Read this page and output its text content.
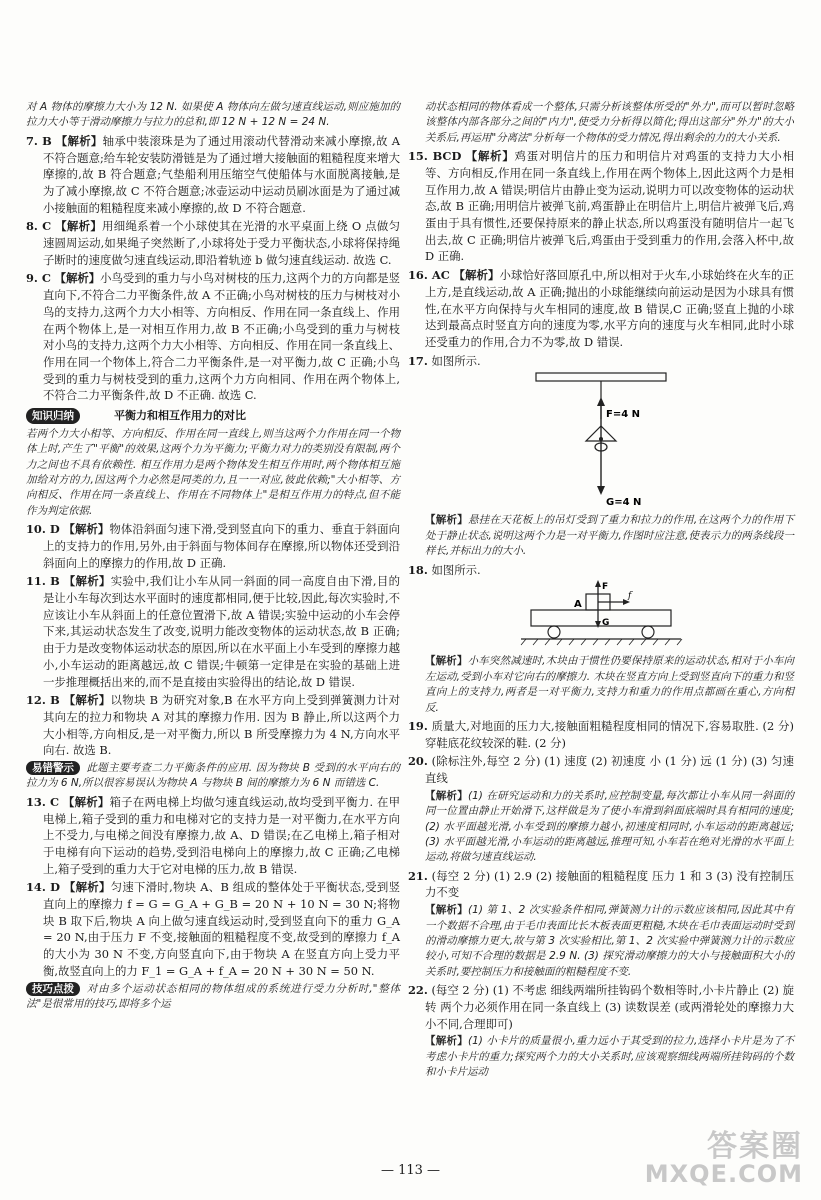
对 A 物体的摩擦力大小为 12 N. 如果使 A 物体向左做匀速直线运动,则应施加的拉力大小等于滑动摩擦力与拉力的总和,即 12 N + 12 N = 24 N.

7. B 【解析】轴承中装滚珠是为了通过用滚动代替滑动来减小摩擦,故 A 不符合题意;给车轮安装防滑链是为了通过增大接触面的粗糙程度来增大摩擦的,故 B 符合题意;气垫船利用压缩空气使船体与水面脱离接触,是为了减小摩擦,故 C 不符合题意;冰壶运动中运动员刷冰面是为了通过减小接触面的粗糙程度来减小摩擦的,故 D 不符合题意.

8. C 【解析】用细绳系着一个小球使其在光滑的水平桌面上绕 O 点做匀速圆周运动,如果绳子突然断了,小球将处于受力平衡状态,小球将保持绳子断时的速度做匀速直线运动,即沿着轨迹 b 做匀速直线运动. 故选 C.

9. C 【解析】小鸟受到的重力与小鸟对树枝的压力,这两个力的方向都是竖直向下,不符合二力平衡条件,故 A 不正确;小鸟对树枝的压力与树枝对小鸟的支持力,这两个力大小相等、方向相反、作用在同一条直线上、作用在两个物体上,是一对相互作用力,故 B 不正确;小鸟受到的重力与树枝对小鸟的支持力,这两个力大小相等、方向相反、作用在同一条直线上、作用在同一个物体上,符合二力平衡条件,是一对平衡力,故 C 正确;小鸟受到的重力与树枝受到的重力,这两个力方向相同、作用在两个物体上,不符合二力平衡条件,故 D 不正确. 故选 C.

知识归纳	平衡力和相互作用力的对比

若两个力大小相等、方向相反、作用在同一直线上,则当这两个力作用在同一个物体上时,产生了"平衡"的效果,这两个力为平衡力;平衡力对力的类别没有限制,两个力之间也不具有依赖性. 相互作用力是两个物体发生相互作用时,两个物体相互施加给对方的力,因这两个力必然是同类的力,且一一对应,彼此依赖;"大小相等、方向相反、作用在同一条直线上、作用在不同物体上"是相互作用力的特点,但不能作为判定依据.

10. D 【解析】物体沿斜面匀速下滑,受到竖直向下的重力、垂直于斜面向上的支持力的作用,另外,由于斜面与物体间存在摩擦,所以物体还受到沿斜面向上的摩擦力的作用,故 D 正确.

11. B 【解析】实验中,我们让小车从同一斜面的同一高度自由下滑,目的是让小车每次到达水平面时的速度都相同,便于比较,因此,每次实验时,不应该让小车从斜面上的任意位置滑下,故 A 错误;实验中运动的小车会停下来,其运动状态发生了改变,说明力能改变物体的运动状态,故 B 正确;由于力是改变物体运动状态的原因,所以在水平面上小车受到的摩擦力越小,小车运动的距离越远,故 C 错误;牛顿第一定律是在实验的基础上进一步推理概括出来的,而不是直接由实验得出的结论,故 D 错误.

12. B 【解析】以物块 B 为研究对象,B 在水平方向上受到弹簧测力计对其向左的拉力和物块 A 对其的摩擦力作用. 因为 B 静止,所以这两个力大小相等,方向相反,是一对平衡力,所以 B 所受摩擦力为 4 N,方向水平向右. 故选 B.

易错警示 此题主要考查二力平衡条件的应用. 因为物块 B 受到的水平向右的拉力为 6 N,所以很容易误认为物块 A 与物块 B 间的摩擦力为 6 N 而错选 C.

13. C 【解析】箱子在两电梯上均做匀速直线运动,故均受到平衡力. 在甲电梯上,箱子受到的重力和电梯对它的支持力是一对平衡力,在水平方向上不受力,与电梯之间没有摩擦力,故 A、D 错误;在乙电梯上,箱子相对于电梯有向下运动的趋势,受到沿电梯向上的摩擦力,故 C 正确;乙电梯上,箱子受到的重力大于它对电梯的压力,故 B 错误.

14. D 【解析】匀速下滑时,物块 A、B 组成的整体处于平衡状态,受到竖直向上的摩擦力 f = G = G_A + G_B = 20 N + 10 N = 30 N;将物块 B 取下后,物块 A 向上做匀速直线运动时,受到竖直向下的重力 G_A = 20 N,由于压力 F 不变,接触面的粗糙程度不变,故受到的摩擦力 f_A 的大小为 30 N 不变,方向竖直向下,由于物块 A 在竖直方向上受力平衡,故竖直向上的力 F_1 = G_A + f_A = 20 N + 30 N = 50 N.

技巧点拨 对由多个运动状态相同的物体组成的系统进行受力分析时,"整体法"是很常用的技巧,即将多个运

动状态相同的物体看成一个整体,只需分析该整体所受的"外力",而可以暂时忽略该整体内部各部分之间的"内力",使受力分析得以简化;得出这部分"外力"的大小关系后,再运用"分离法"分析每一个物体的受力情况,得出剩余的力的大小关系.

15. BCD 【解析】鸡蛋对明信片的压力和明信片对鸡蛋的支持力大小相等、方向相反,作用在同一条直线上,作用在两个物体上,因此这两个力是相互作用力,故 A 错误;明信片由静止变为运动,说明力可以改变物体的运动状态,故 B 正确;用明信片被弹飞前,鸡蛋静止在明信片上,明信片被弹飞后,鸡蛋由于具有惯性,还要保持原来的静止状态,所以鸡蛋没有随明信片一起飞出去,故 C 正确;明信片被弹飞后,鸡蛋由于受到重力的作用,会落入杯中,故 D 正确.

16. AC 【解析】小球恰好落回原孔中,所以相对于火车,小球始终在火车的正上方,是直线运动,故 A 正确;抛出的小球能继续向前运动是因为小球具有惯性,在水平方向保持与火车相同的速度,故 B 错误,C 正确;竖直上抛的小球达到最高点时竖直方向的速度为零,水平方向的速度与火车相同,此时小球还受重力的作用,合力不为零,故 D 错误.

17. 如图所示.

F=4 N
G=4 N

【解析】悬挂在天花板上的吊灯受到了重力和拉力的作用,在这两个力的作用下处于静止状态,说明这两个力是一对平衡力,作图时应注意,使表示力的两条线段一样长,并标出力的大小.

18. 如图所示.

A
F
f
G

【解析】小车突然减速时,木块由于惯性仍要保持原来的运动状态,相对于小车向左运动,受到小车对它向右的摩擦力. 木块在竖直方向上受到竖直向下的重力和竖直向上的支持力,两者是一对平衡力,支持力和重力的作用点都画在重心,方向相反.

19. 质量大,对地面的压力大,接触面粗糙程度相同的情况下,容易取胜. (2 分) 穿鞋底花纹较深的鞋. (2 分)

20. (除标注外,每空 2 分) (1) 速度 (2) 初速度 小 (1 分) 远 (1 分) (3) 匀速直线

【解析】(1) 在研究运动和力的关系时,应控制变量,每次都让小车从同一斜面的同一位置由静止开始滑下,这样做是为了使小车滑到斜面底端时具有相同的速度;(2) 水平面越光滑,小车受到的摩擦力越小,初速度相同时,小车运动的距离越远;(3) 水平面越光滑,小车运动的距离越远,推理可知,小车若在绝对光滑的水平面上运动,将做匀速直线运动.

21. (每空 2 分) (1) 2.9 (2) 接触面的粗糙程度 压力 1 和 3 (3) 没有控制压力不变

【解析】(1) 第 1、2 次实验条件相同,弹簧测力计的示数应该相同,因此其中有一个数据不合理,由于毛巾表面比长木板表面更粗糙,木块在毛巾表面运动时受到的滑动摩擦力更大,故与第 3 次实验相比,第 1、2 次实验中弹簧测力计的示数应较小,可知不合理的数据是 2.9 N. (3) 探究滑动摩擦力的大小与接触面积大小的关系时,要控制压力和接触面的粗糙程度不变.

22. (每空 2 分) (1) 不考虑 细线两端所挂钩码个数相等时,小卡片静止 (2) 旋转 两个力必须作用在同一条直线上 (3) 读数误差 (或两滑轮处的摩擦力大小不同,合理即可)

【解析】(1) 小卡片的质量很小,重力远小于其受到的拉力,选择小卡片是为了不考虑小卡片的重力;探究两个力的大小关系时,应该观察细线两端所挂钩码的个数和小卡片运动

— 113 —
答案圈
MXQE.COM
